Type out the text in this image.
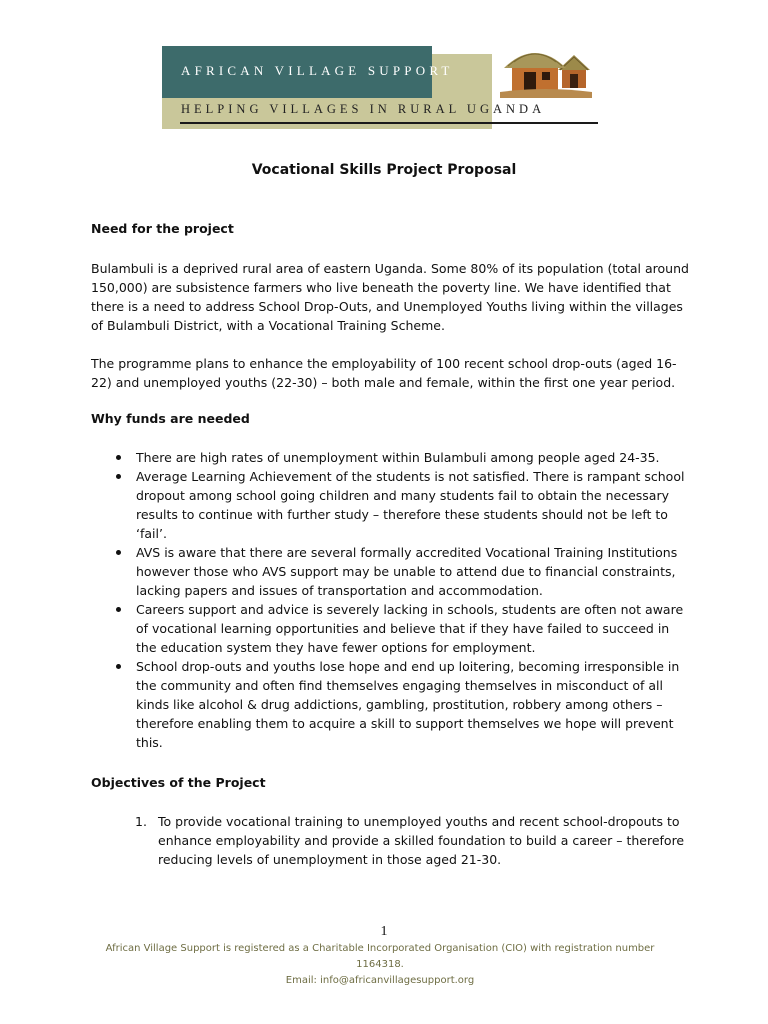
AFRICAN VILLAGE SUPPORT
HELPING VILLAGES IN RURAL UGANDA
Vocational Skills Project Proposal
Need for the project

Bulambuli is a deprived rural area of eastern Uganda. Some 80% of its population (total around 150,000) are subsistence farmers who live beneath the poverty line. We have identified that there is a need to address School Drop-Outs, and Unemployed Youths living within the villages of Bulambuli District, with a Vocational Training Scheme.

The programme plans to enhance the employability of 100 recent school drop-outs (aged 16-22) and unemployed youths (22-30) – both male and female, within the first one year period.

Why funds are needed
There are high rates of unemployment within Bulambuli among people aged 24-35.
Average Learning Achievement of the students is not satisfied. There is rampant school dropout among school going children and many students fail to obtain the necessary results to continue with further study – therefore these students should not be left to ‘fail’.
AVS is aware that there are several formally accredited Vocational Training Institutions however those who AVS support may be unable to attend due to financial constraints, lacking papers and issues of transportation and accommodation.
Careers support and advice is severely lacking in schools, students are often not aware of vocational learning opportunities and believe that if they have failed to succeed in the education system they have fewer options for employment.
School drop-outs and youths lose hope and end up loitering, becoming irresponsible in the community and often find themselves engaging themselves in misconduct of all kinds like alcohol & drug addictions, gambling, prostitution, robbery among others – therefore enabling them to acquire a skill to support themselves we hope will prevent this.
Objectives of the Project
1. To provide vocational training to unemployed youths and recent school-dropouts to enhance employability and provide a skilled foundation to build a career – therefore reducing levels of unemployment in those aged 21-30.
1
African Village Support is registered as a Charitable Incorporated Organisation (CIO) with registration number
1164318.
Email: info@africanvillagesupport.org
